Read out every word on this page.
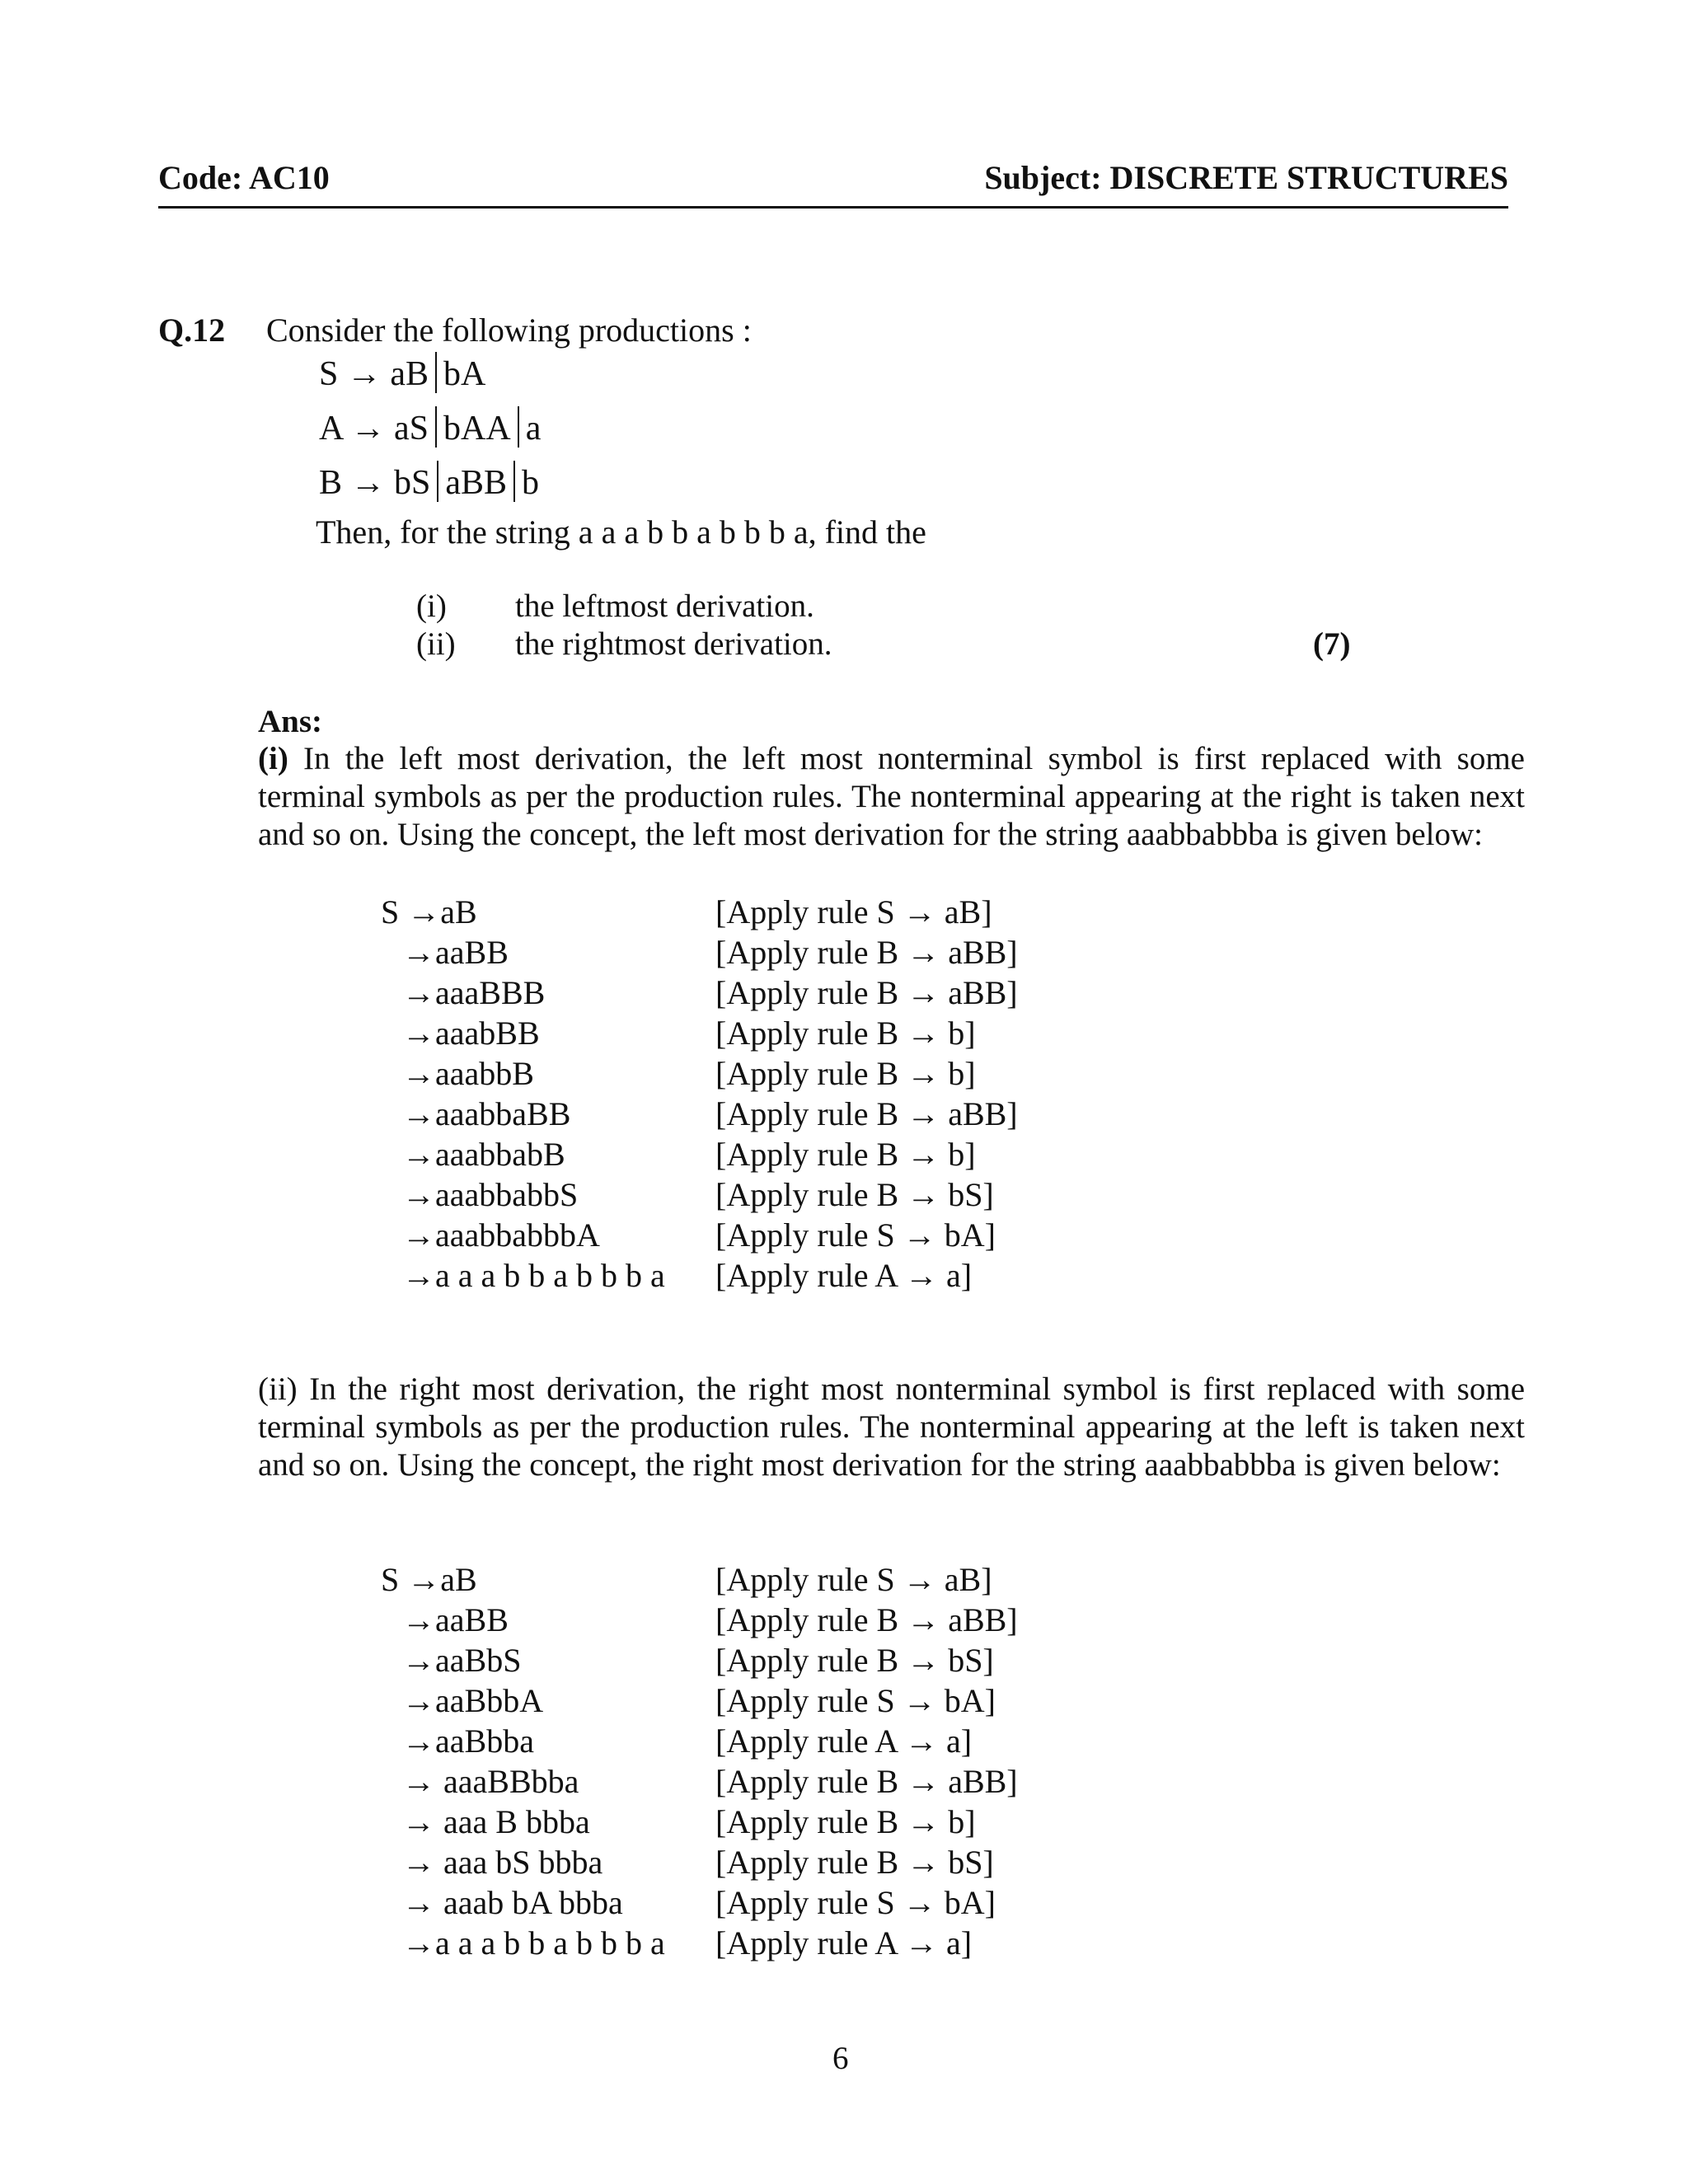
Code: AC10	Subject: DISCRETE STRUCTURES
Q.12 Consider the following productions :
S → aB bA
A → aS bAA a
B → bS aBB b
Then, for the string a a a b b a b b b a, find the
(i) the leftmost derivation.
(ii) the rightmost derivation.	(7)
Ans:
(i) In the left most derivation, the left most nonterminal symbol is first replaced with some terminal symbols as per the production rules. The nonterminal appearing at the right is taken next and so on. Using the concept, the left most derivation for the string aaabbabbba is given below:
S →aB	[Apply rule S → aB]
→aaBB	[Apply rule B → aBB]
→aaaBBB	[Apply rule B → aBB]
→aaabBB	[Apply rule B → b]
→aaabbB	[Apply rule B → b]
→aaabbaBB	[Apply rule B → aBB]
→aaabbabB	[Apply rule B → b]
→aaabbabbS	[Apply rule B → bS]
→aaabbabbbA	[Apply rule S → bA]
→a a a b b a b b b a [Apply rule A → a]
(ii) In the right most derivation, the right most nonterminal symbol is first replaced with some terminal symbols as per the production rules. The nonterminal appearing at the left is taken next and so on. Using the concept, the right most derivation for the string aaabbabbba is given below:
S →aB	[Apply rule S → aB]
→aaBB	[Apply rule B → aBB]
→aaBbS	[Apply rule B → bS]
→aaBbbA	[Apply rule S → bA]
→aaBbba	[Apply rule A → a]
→ aaaBBbba	[Apply rule B → aBB]
→ aaa B bbba	[Apply rule B → b]
→ aaa bS bbba	[Apply rule B → bS]
→ aaab bA bbba	[Apply rule S → bA]
→a a a b b a b b b a [Apply rule A → a]
6
